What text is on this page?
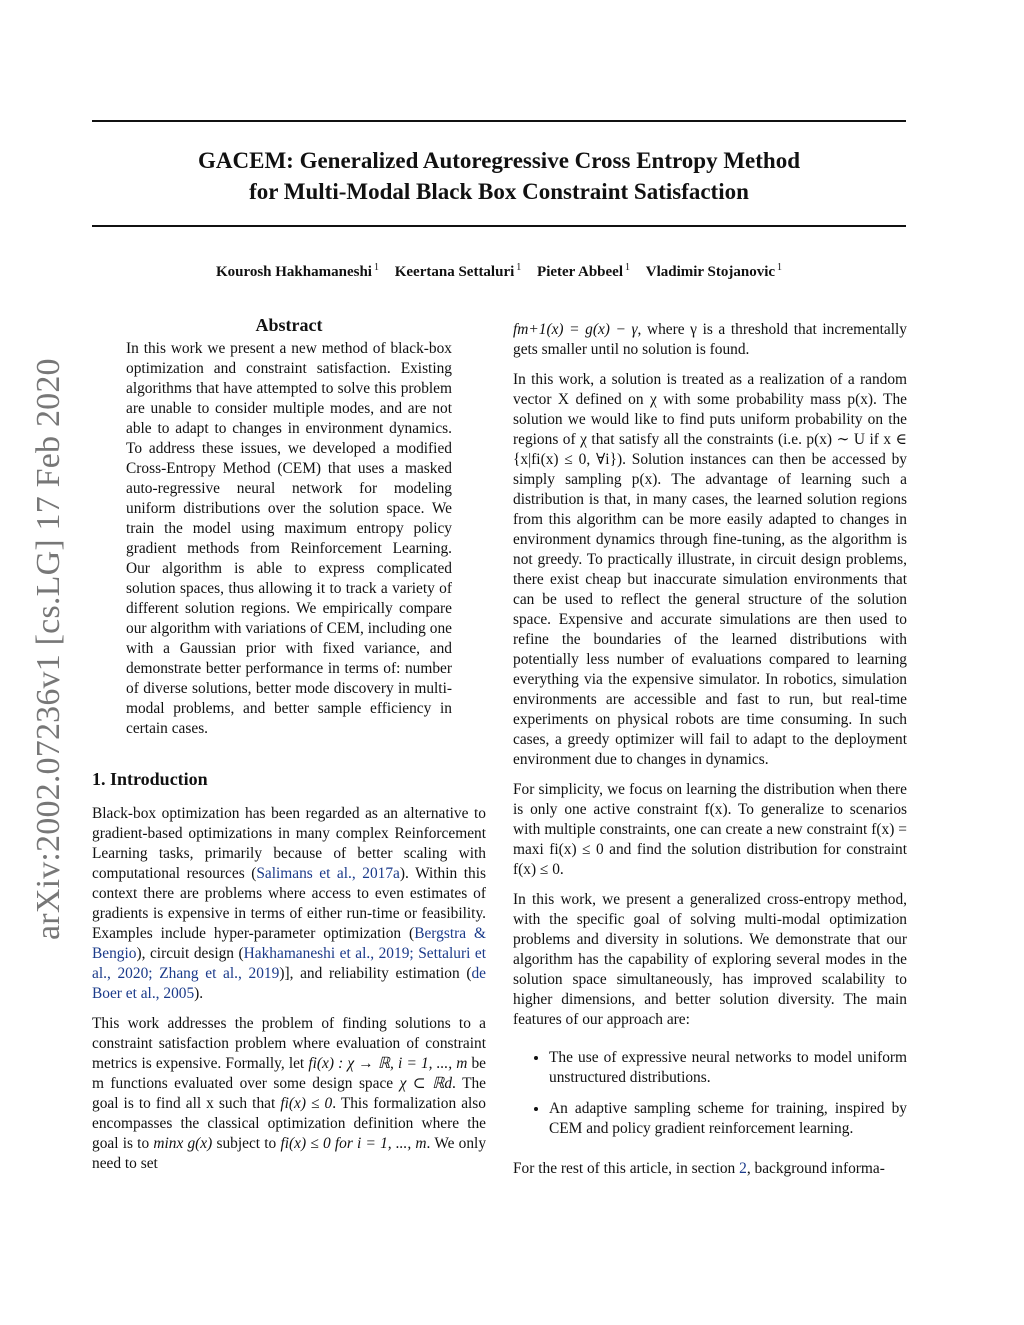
GACEM: Generalized Autoregressive Cross Entropy Method
for Multi-Modal Black Box Constraint Satisfaction
Kourosh Hakhamaneshi $^1$ Keertana Settaluri $^1$ Pieter Abbeel $^1$ Vladimir Stojanovic $^1$
arXiv:2002.07236v1 [cs.LG] 17 Feb 2020
Abstract
In this work we present a new method of black-box optimization and constraint satisfaction. Existing algorithms that have attempted to solve this problem are unable to consider multiple modes, and are not able to adapt to changes in environment dynamics. To address these issues, we developed a modified Cross-Entropy Method (CEM) that uses a masked auto-regressive neural network for modeling uniform distributions over the solution space. We train the model using maximum entropy policy gradient methods from Reinforcement Learning. Our algorithm is able to express complicated solution spaces, thus allowing it to track a variety of different solution regions. We empirically compare our algorithm with variations of CEM, including one with a Gaussian prior with fixed variance, and demonstrate better performance in terms of: number of diverse solutions, better mode discovery in multi-modal problems, and better sample efficiency in certain cases.
1. Introduction

Black-box optimization has been regarded as an alternative to gradient-based optimizations in many complex Reinforcement Learning tasks, primarily because of better scaling with computational resources (Salimans et al., 2017a). Within this context there are problems where access to even estimates of gradients is expensive in terms of either run-time or feasibility. Examples include hyper-parameter optimization (Bergstra & Bengio), circuit design (Hakhamaneshi et al., 2019; Settaluri et al., 2020; Zhang et al., 2019)], and reliability estimation (de Boer et al., 2005).

This work addresses the problem of finding solutions to a constraint satisfaction problem where evaluation of constraint metrics is expensive. Formally, let fi(x) : χ → ℝ, i = 1, ..., m be m functions evaluated over some design space χ ⊂ ℝd. The goal is to find all x such that fi(x) ≤ 0. This formalization also encompasses the classical optimization definition where the goal is to minx g(x) subject to fi(x) ≤ 0 for i = 1, ..., m. We only need to set

fm+1(x) = g(x) − γ, where γ is a threshold that incrementally gets smaller until no solution is found.

In this work, a solution is treated as a realization of a random vector X defined on χ with some probability mass p(x). The solution we would like to find puts uniform probability on the regions of χ that satisfy all the constraints (i.e. p(x) ∼ U if x ∈ {x|fi(x) ≤ 0, ∀i}). Solution instances can then be accessed by simply sampling p(x). The advantage of learning such a distribution is that, in many cases, the learned solution regions from this algorithm can be more easily adapted to changes in environment dynamics through fine-tuning, as the algorithm is not greedy. To practically illustrate, in circuit design problems, there exist cheap but inaccurate simulation environments that can be used to reflect the general structure of the solution space. Expensive and accurate simulations are then used to refine the boundaries of the learned distributions with potentially less number of evaluations compared to learning everything via the expensive simulator. In robotics, simulation environments are accessible and fast to run, but real-time experiments on physical robots are time consuming. In such cases, a greedy optimizer will fail to adapt to the deployment environment due to changes in dynamics.

For simplicity, we focus on learning the distribution when there is only one active constraint f(x). To generalize to scenarios with multiple constraints, one can create a new constraint f(x) = maxi fi(x) ≤ 0 and find the solution distribution for constraint f(x) ≤ 0.

In this work, we present a generalized cross-entropy method, with the specific goal of solving multi-modal optimization problems and diversity in solutions. We demonstrate that our algorithm has the capability of exploring several modes in the solution space simultaneously, has improved scalability to higher dimensions, and better solution diversity. The main features of our approach are:

• The use of expressive neural networks to model uniform unstructured distributions.
• An adaptive sampling scheme for training, inspired by CEM and policy gradient reinforcement learning.

For the rest of this article, in section 2, background informa-
